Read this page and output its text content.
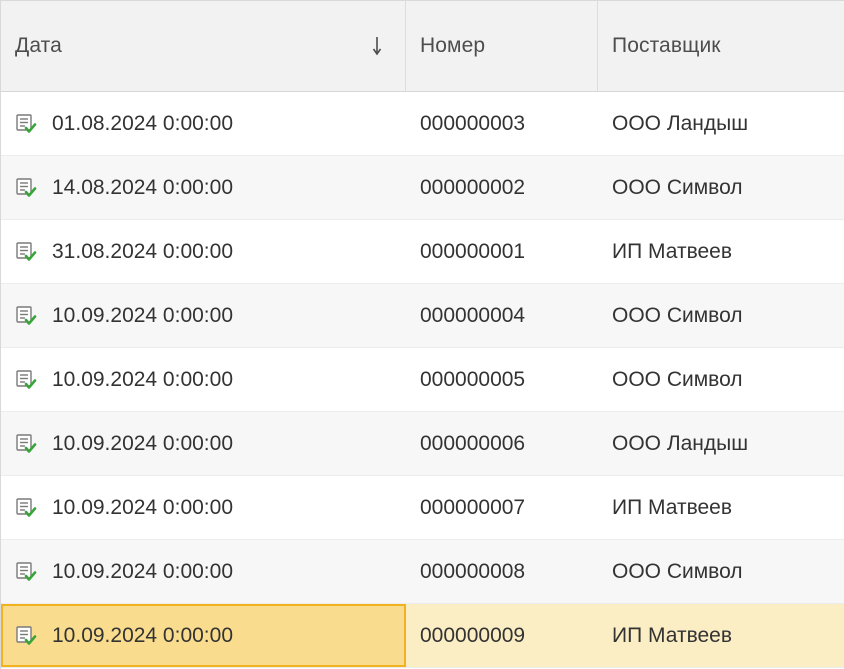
Дата	Номер	Поставщик
01.08.2024 0:00:00	000000003	ООО Ландыш
14.08.2024 0:00:00	000000002	ООО Символ
31.08.2024 0:00:00	000000001	ИП Матвеев
10.09.2024 0:00:00	000000004	ООО Символ
10.09.2024 0:00:00	000000005	ООО Символ
10.09.2024 0:00:00	000000006	ООО Ландыш
10.09.2024 0:00:00	000000007	ИП Матвеев
10.09.2024 0:00:00	000000008	ООО Символ
10.09.2024 0:00:00	000000009	ИП Матвеев
